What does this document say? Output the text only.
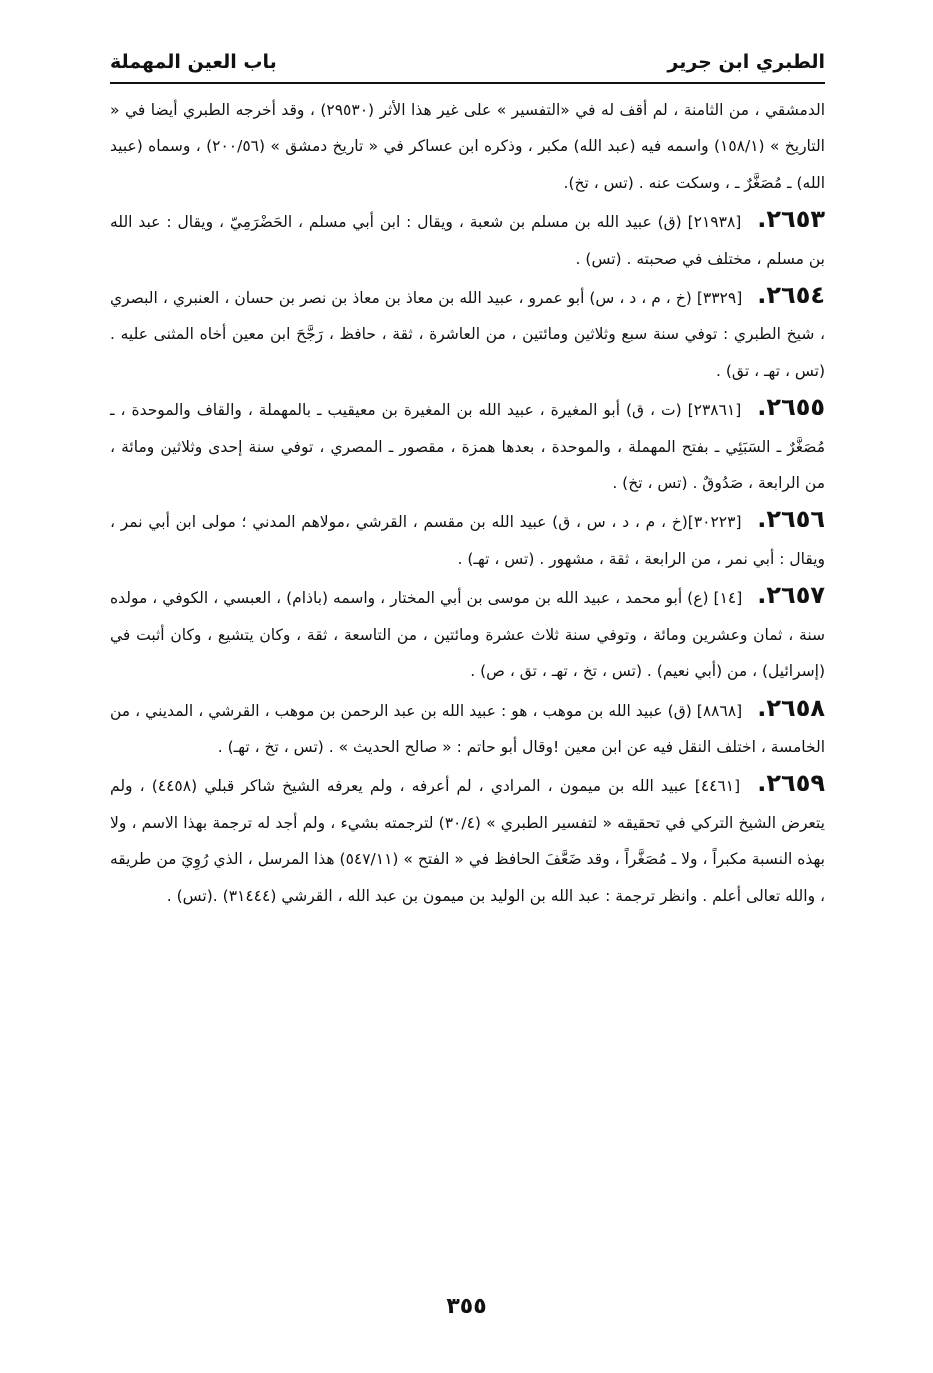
الطبري ابن جرير
باب العين المهملة

الدمشقي ، من الثامنة ، لم أقف له في «التفسير » على غير هذا الأثر (٢٩٥٣٠) ، وقد أخرجه الطبري أيضا في « التاريخ » (١٥٨/١) واسمه فيه (عبد الله) مكبر ، وذكره ابن عساكر في « تاريخ دمشق » (٢٠٠/٥٦) ، وسماه (عبيد الله) ـ مُصَغَّرٌ ـ ، وسكت عنه . (تس ، تخ).

٢٦٥٣. [٢١٩٣٨] (ق) عبيد الله بن مسلم بن شعبة ، ويقال : ابن أبي مسلم ، الحَضْرَمِيّ ، ويقال : عبد الله بن مسلم ، مختلف في صحبته . (تس) .

٢٦٥٤. [٣٣٢٩] (خ ، م ، د ، س) أبو عمرو ، عبيد الله بن معاذ بن معاذ بن نصر بن حسان ، العنبري ، البصري ، شيخ الطبري : توفي سنة سبع وثلاثين ومائتين ، من العاشرة ، ثقة ، حافظ ، رَجَّحَ ابن معين أخاه المثنى عليه . (تس ، تهـ ، تق) .

٢٦٥٥. [٢٣٨٦١] (ت ، ق) أبو المغيرة ، عبيد الله بن المغيرة بن معيقيب ـ بالمهملة ، والقاف والموحدة ، ـ مُصَغَّرٌ ـ السَبَئِي ـ بفتح المهملة ، والموحدة ، بعدها همزة ، مقصور ـ المصري ، توفي سنة إحدى وثلاثين ومائة ، من الرابعة ، صَدُوقٌ . (تس ، تخ) .

٢٦٥٦. [٣٠٢٢٣](خ ، م ، د ، س ، ق) عبيد الله بن مقسم ، القرشي ،مولاهم المدني ؛ مولى ابن أبي نمر ، ويقال : أبي نمر ، من الرابعة ، ثقة ، مشهور . (تس ، تهـ) .

٢٦٥٧. [١٤] (ع) أبو محمد ، عبيد الله بن موسى بن أبي المختار ، واسمه (باذام) ، العبسي ، الكوفي ، مولده سنة ، ثمان وعشرين ومائة ، وتوفي سنة ثلاث عشرة ومائتين ، من التاسعة ، ثقة ، وكان يتشيع ، وكان أثبت في (إسرائيل) ، من (أبي نعيم) . (تس ، تخ ، تهـ ، تق ، ص) .

٢٦٥٨. [٨٨٦٨] (ق) عبيد الله بن موهب ، هو : عبيد الله بن عبد الرحمن بن موهب ، القرشي ، المديني ، من الخامسة ، اختلف النقل فيه عن ابن معين !وقال أبو حاتم : « صالح الحديث » . (تس ، تخ ، تهـ) .

٢٦٥٩. [٤٤٦١] عبيد الله بن ميمون ، المرادي ، لم أعرفه ، ولم يعرفه الشيخ شاكر قبلي (٤٤٥٨) ، ولم يتعرض الشيخ التركي في تحقيقه « لتفسير الطبري » (٣٠/٤) لترجمته بشيء ، ولم أجد له ترجمة بهذا الاسم ، ولا بهذه النسبة مكبراً ، ولا ـ مُصَغَّراً ، وقد ضَعَّفَ الحافظ في « الفتح » (٥٤٧/١١) هذا المرسل ، الذي رُوِيَ من طريقه ، والله تعالى أعلم . وانظر ترجمة : عبد الله بن الوليد بن ميمون بن عبد الله ، القرشي (٣١٤٤٤) .(تس) .

٣٥٥
